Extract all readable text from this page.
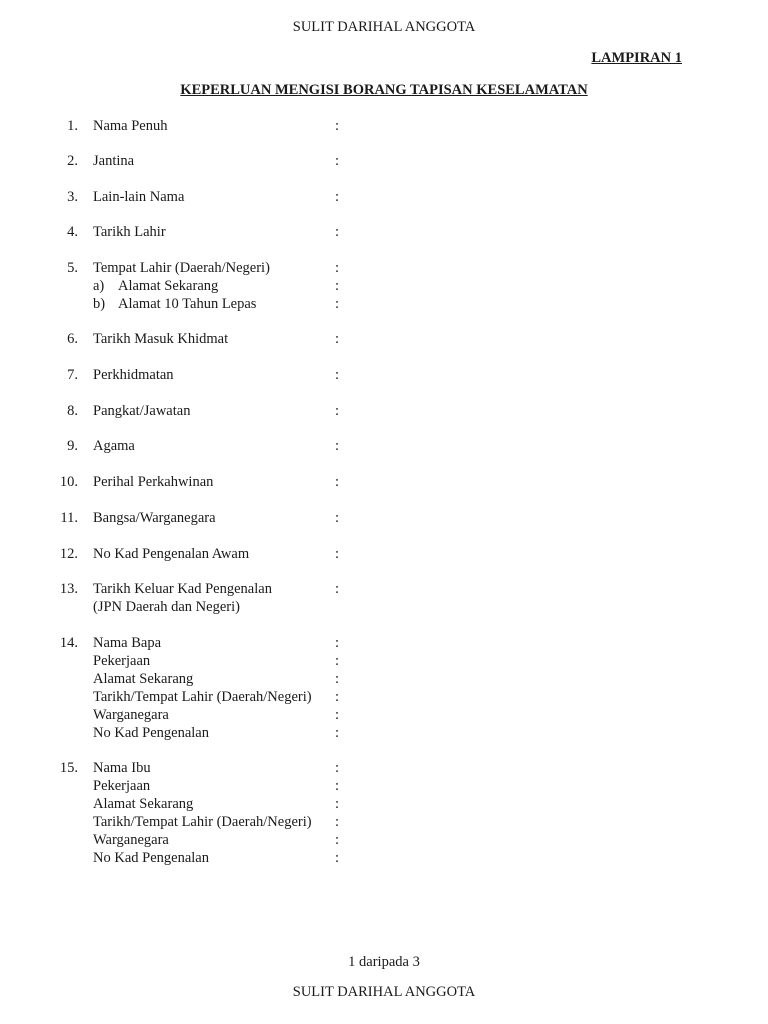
SULIT DARIHAL ANGGOTA
LAMPIRAN 1
KEPERLUAN MENGISI BORANG TAPISAN KESELAMATAN
1. Nama Penuh	:
2. Jantina	:
3. Lain-lain Nama	:
4. Tarikh Lahir	:
5. Tempat Lahir (Daerah/Negeri)	:
a) Alamat Sekarang	:
b) Alamat 10 Tahun Lepas	:
6. Tarikh Masuk Khidmat	:
7. Perkhidmatan	:
8. Pangkat/Jawatan	:
9. Agama	:
10. Perihal Perkahwinan	:
11. Bangsa/Warganegara	:
12. No Kad Pengenalan Awam	:
13. Tarikh Keluar Kad Pengenalan	:
(JPN Daerah dan Negeri)
14. Nama Bapa	:
Pekerjaan	:
Alamat Sekarang	:
Tarikh/Tempat Lahir (Daerah/Negeri) :
Warganegara	:
No Kad Pengenalan	:
15. Nama Ibu	:
Pekerjaan	:
Alamat Sekarang	:
Tarikh/Tempat Lahir (Daerah/Negeri) :
Warganegara	:
No Kad Pengenalan	:
1 daripada 3
SULIT DARIHAL ANGGOTA
